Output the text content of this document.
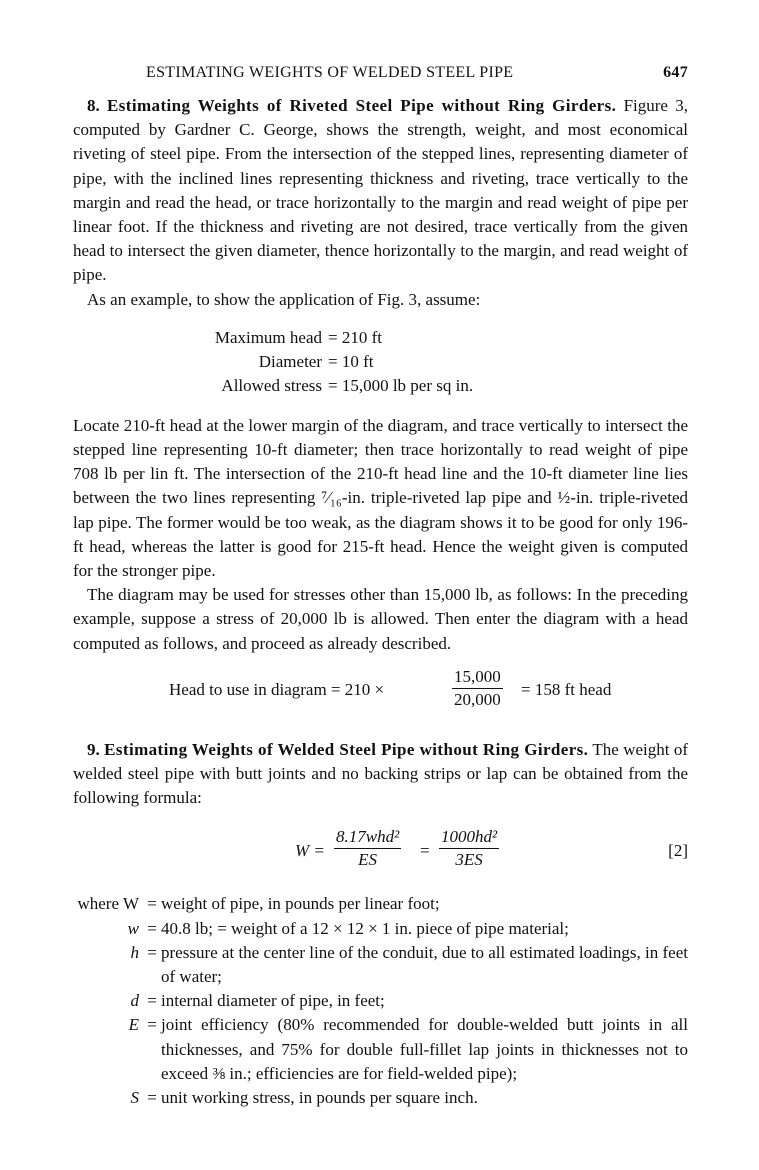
ESTIMATING WEIGHTS OF WELDED STEEL PIPE	647

8. Estimating Weights of Riveted Steel Pipe without Ring Girders. Figure 3, computed by Gardner C. George, shows the strength, weight, and most economical riveting of steel pipe. From the intersection of the stepped lines, representing diameter of pipe, with the inclined lines representing thickness and riveting, trace vertically to the margin and read the head, or trace horizontally to the margin and read weight of pipe per linear foot. If the thickness and riveting are not desired, trace vertically from the given head to intersect the given diameter, thence horizontally to the margin, and read weight of pipe.

As an example, to show the application of Fig. 3, assume:

Maximum head = 210 ft
Diameter = 10 ft
Allowed stress = 15,000 lb per sq in.

Locate 210-ft head at the lower margin of the diagram, and trace vertically to intersect the stepped line representing 10-ft diameter; then trace horizontally to read weight of pipe 708 lb per lin ft. The intersection of the 210-ft head line and the 10-ft diameter line lies between the two lines representing ⁷⁄₁₆-in. triple-riveted lap pipe and ½-in. triple-riveted lap pipe. The former would be too weak, as the diagram shows it to be good for only 196-ft head, whereas the latter is good for 215-ft head. Hence the weight given is computed for the stronger pipe.

The diagram may be used for stresses other than 15,000 lb, as follows: In the preceding example, suppose a stress of 20,000 lb is allowed. Then enter the diagram with a head computed as follows, and proceed as already described.

Head to use in diagram = 210 ×	$\frac{15,000}{20,000} = 158$ ft head

9. Estimating Weights of Welded Steel Pipe without Ring Girders. The weight of welded steel pipe with butt joints and no backing strips or lap can be obtained from the following formula:

W =
8.17whd²
ES	= $\frac{\text{1000hd²}}{3ES}$	[2]
where W = weight of pipe, in pounds per linear foot;
w = 40.8 lb; = weight of a 12 × 12 × 1 in. piece of pipe material;
h = pressure at the center line of the conduit, due to all estimated loadings, in feet of water;
d = internal diameter of pipe, in feet;
E = joint efficiency (80% recommended for double-welded butt joints in all thicknesses, and 75% for double full-fillet lap joints in thicknesses not to exceed ⅜ in.; efficiencies are for field-welded pipe);
S = unit working stress, in pounds per square inch.
